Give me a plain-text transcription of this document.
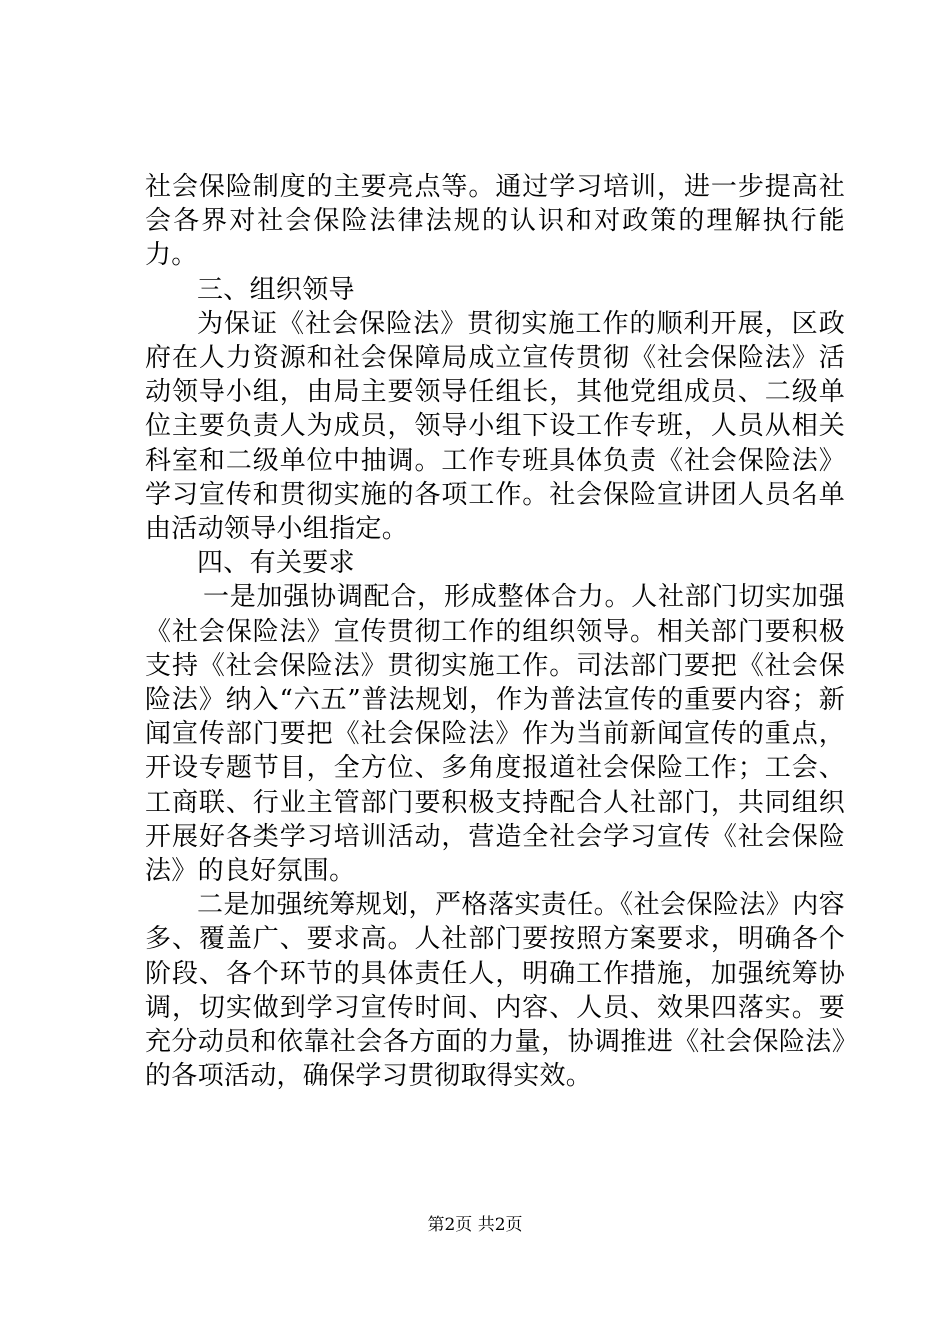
社会保险制度的主要亮点等。通过学习培训，进一步提高社会各界对社会保险法律法规的认识和对政策的理解执行能力。

三、组织领导

为保证《社会保险法》贯彻实施工作的顺利开展，区政府在人力资源和社会保障局成立宣传贯彻《社会保险法》活动领导小组，由局主要领导任组长，其他党组成员、二级单位主要负责人为成员，领导小组下设工作专班，人员从相关科室和二级单位中抽调。工作专班具体负责《社会保险法》学习宣传和贯彻实施的各项工作。社会保险宣讲团人员名单由活动领导小组指定。

四、有关要求

一是加强协调配合，形成整体合力。人社部门切实加强《社会保险法》宣传贯彻工作的组织领导。相关部门要积极支持《社会保险法》贯彻实施工作。司法部门要把《社会保险法》纳入“六五”普法规划，作为普法宣传的重要内容；新闻宣传部门要把《社会保险法》作为当前新闻宣传的重点，开设专题节目，全方位、多角度报道社会保险工作；工会、工商联、行业主管部门要积极支持配合人社部门，共同组织开展好各类学习培训活动，营造全社会学习宣传《社会保险法》的良好氛围。

二是加强统筹规划，严格落实责任。《社会保险法》内容多、覆盖广、要求高。人社部门要按照方案要求，明确各个阶段、各个环节的具体责任人，明确工作措施，加强统筹协调，切实做到学习宣传时间、内容、人员、效果四落实。要充分动员和依靠社会各方面的力量，协调推进《社会保险法》的各项活动，确保学习贯彻取得实效。

第2页 共2页
